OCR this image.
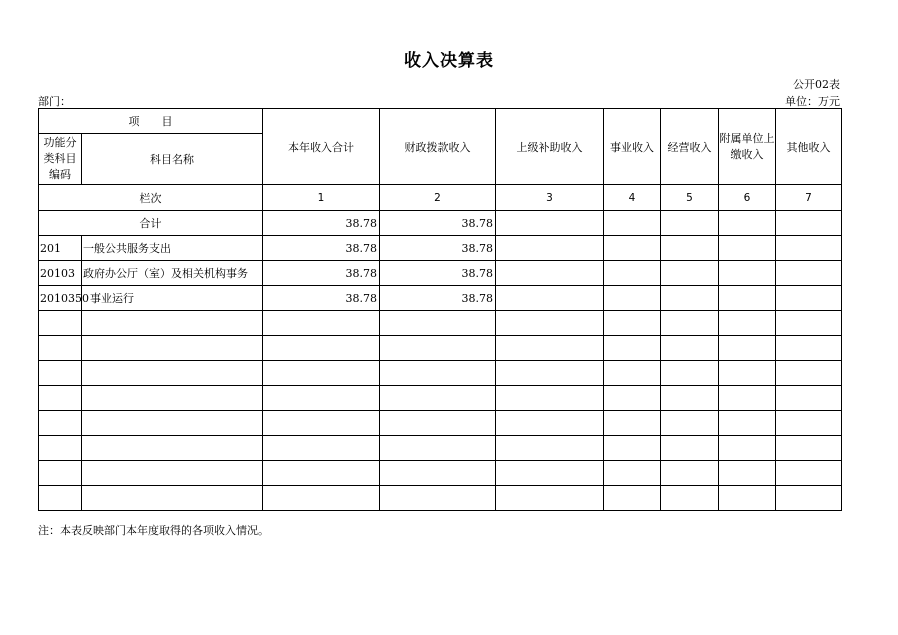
收入决算表
公开02表
部门：	单位：万元
项　　目		本年收入合计	财政拨款收入	上级补助收入	事业收入	经营收入	附属单位上缴收入	其他收入
功能分类科目编码	科目名称							
栏次		1	2	3	4	5	6	7
合计		38.78	38.78					
201	一般公共服务支出	38.78	38.78					
20103	政府办公厅（室）及相关机构事务	38.78	38.78					
2010350	事业运行	38.78	38.78					

注：本表反映部门本年度取得的各项收入情况。
